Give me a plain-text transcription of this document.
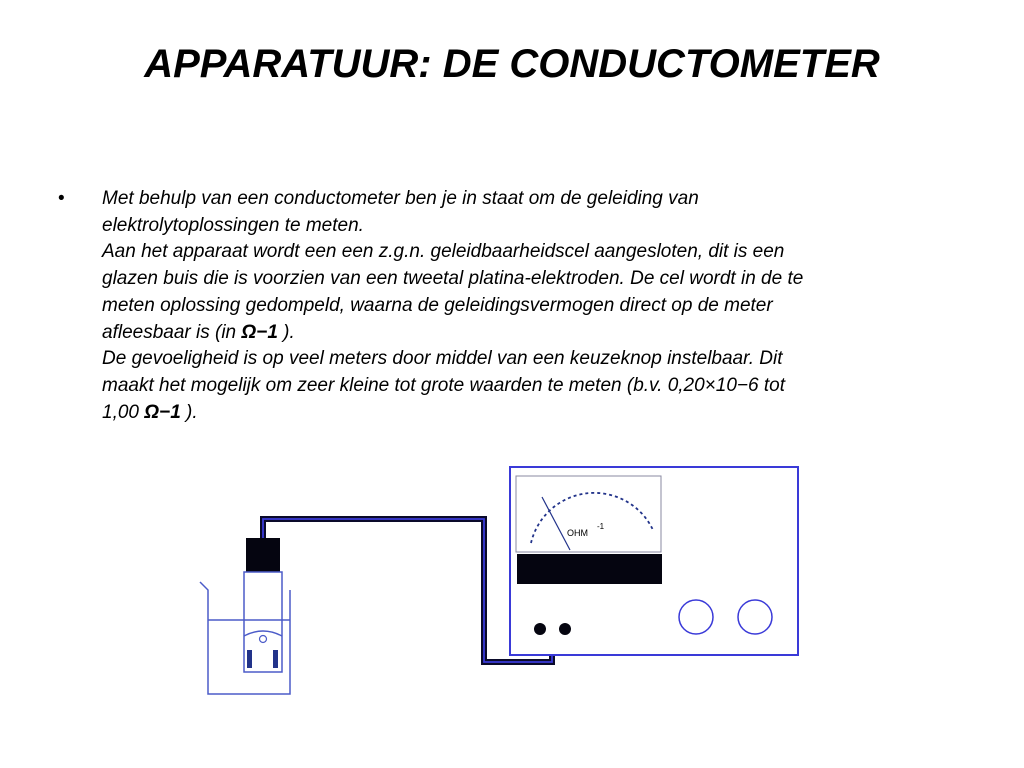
APPARATUUR: DE CONDUCTOMETER
• Met behulp van een conductometer ben je in staat om de geleiding van
elektrolytoplossingen te meten.
Aan het apparaat wordt een een z.g.n. geleidbaarheidscel aangesloten, dit is een
glazen buis die is voorzien van een tweetal platina-elektroden. De cel wordt in de te
meten oplossing gedompeld, waarna de geleidingsvermogen direct op de meter
afleesbaar is (in Ω−1 ).
De gevoeligheid is op veel meters door middel van een keuzeknop instelbaar. Dit
maakt het mogelijk om zeer kleine tot grote waarden te meten (b.v. 0,20×10−6 tot
1,00 Ω−1 ).
OHM
-1
